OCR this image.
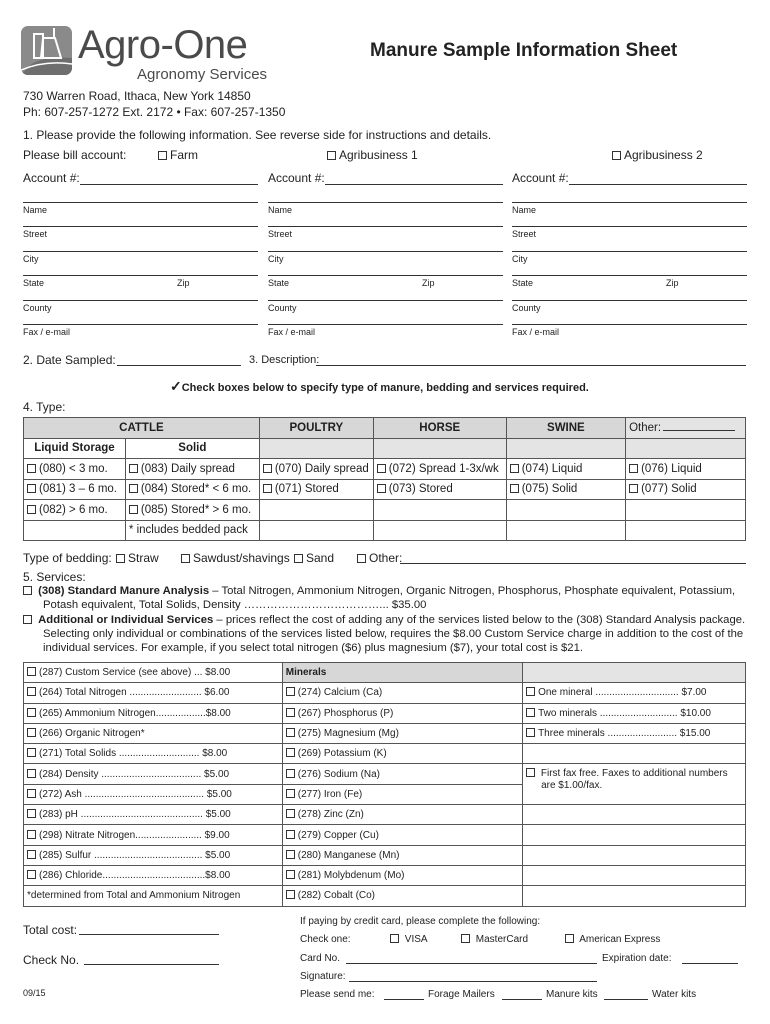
Agro-One
Agronomy Services
Manure Sample Information Sheet
730 Warren Road, Ithaca, New York 14850
Ph: 607-257-1272 Ext. 2172 • Fax: 607-257-1350
1. Please provide the following information. See reverse side for instructions and details.
Please bill account:	Farm	Agribusiness 1	Agribusiness 2
Account #:	Account #:	Account #:
Name
Street
City
State	Zip
County
Fax / e-mail
Name
Street
City
State	Zip
County
Fax / e-mail
Name
Street
City
State	Zip
County
Fax / e-mail
2. Date Sampled:	3. Description:
✓Check boxes below to specify type of manure, bedding and services required.
4. Type:
CATTLE		POULTRY	HORSE	SWINE	Other:
Liquid Storage	Solid				
(080) < 3 mo.	(083) Daily spread	(070) Daily spread	(072) Spread 1-3x/wk	(074) Liquid	(076) Liquid
(081) 3 – 6 mo.	(084) Stored* < 6 mo.	(071) Stored	(073) Stored	(075) Solid	(077) Solid
(082) > 6 mo.	(085) Stored* > 6 mo.				
	* includes bedded pack				
Type of bedding:	Straw	Sawdust/shavings	Sand	Other:
5. Services:
(308) Standard Manure Analysis – Total Nitrogen, Ammonium Nitrogen, Organic Nitrogen, Phosphorus, Phosphate equivalent, Potassium,
Potash equivalent, Total Solids, Density ………………………………... $35.00
Additional or Individual Services – prices reflect the cost of adding any of the services listed below to the (308) Standard Analysis package.
Selecting only individual or combinations of the services listed below, requires the $8.00 Custom Service charge in addition to the cost of the
individual services. For example, if you select total nitrogen ($6) plus magnesium ($7), your total cost is $21.
(287) Custom Service (see above) ... $8.00	Minerals	
(264) Total Nitrogen .......................... $6.00	(274) Calcium (Ca)	One mineral .............................. $7.00
(265) Ammonium Nitrogen..................$8.00	(267) Phosphorus (P)	Two minerals ............................ $10.00
(266) Organic Nitrogen*	(275) Magnesium (Mg)	Three minerals ......................... $15.00
(271) Total Solids ............................. $8.00	(269) Potassium (K)	
(284) Density .................................... $5.00	(276) Sodium (Na)	First fax free. Faxes to additional numbers
are $1.00/fax.
(272) Ash ........................................... $5.00	(277) Iron (Fe)	
(283) pH ............................................ $5.00	(278) Zinc (Zn)	
(298) Nitrate Nitrogen........................ $9.00	(279) Copper (Cu)	
(285) Sulfur ....................................... $5.00	(280) Manganese (Mn)	
(286) Chloride.....................................$8.00	(281) Molybdenum (Mo)	
*determined from Total and Ammonium Nitrogen	(282) Cobalt (Co)	
Total cost:
Check No.
09/15
If paying by credit card, please complete the following:
Check one:	VISA	MasterCard	American Express
Card No.	Expiration date:
Signature:
Please send me:	Forage Mailers	Manure kits	Water kits
